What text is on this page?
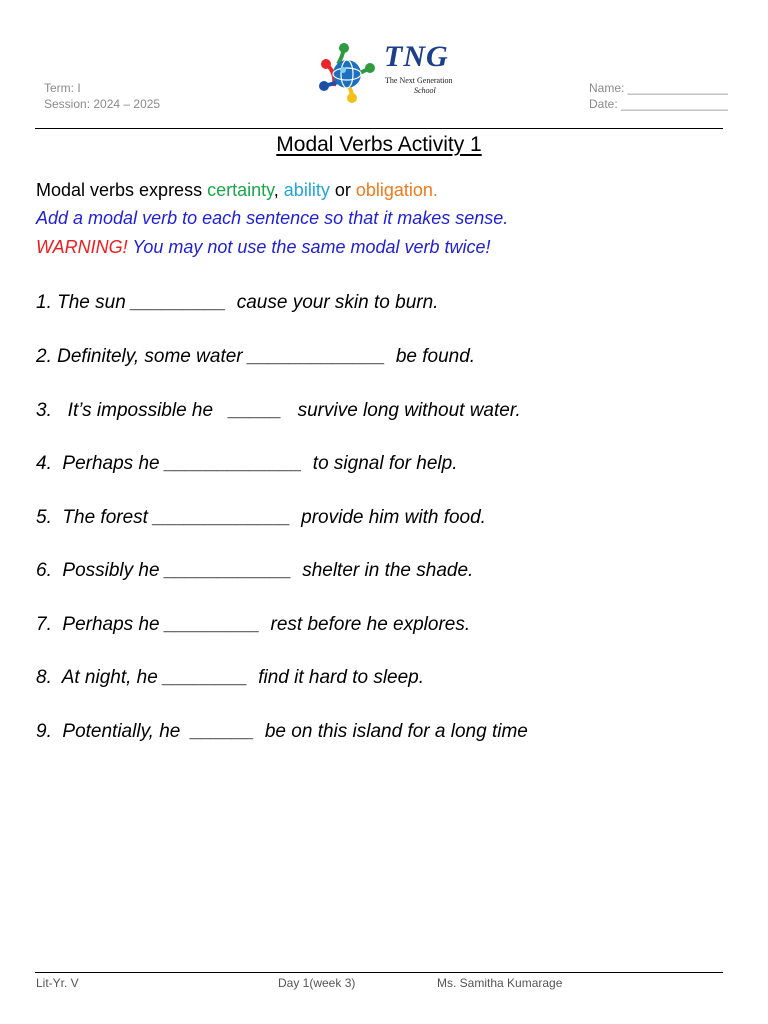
Term: I
Session: 2024 – 2025
TNG
The Next Generation
School	Name: _______________
Date: ________________
Modal Verbs Activity 1
Modal verbs express certainty, ability or obligation.
Add a modal verb to each sentence so that it makes sense.
WARNING! You may not use the same modal verb twice!
1. The sun _________  cause your skin to burn.
2. Definitely, some water _____________  be found.
3.   It’s impossible he   _____   survive long without water.
4.  Perhaps he _____________  to signal for help.
5.  The forest _____________  provide him with food.
6.  Possibly he ____________  shelter in the shade.
7.  Perhaps he _________  rest before he explores.
8.  At night, he ________  find it hard to sleep.
9.  Potentially, he  ______  be on this island for a long time
Lit-Yr. V	Day 1(week 3)	Ms. Samitha Kumarage
